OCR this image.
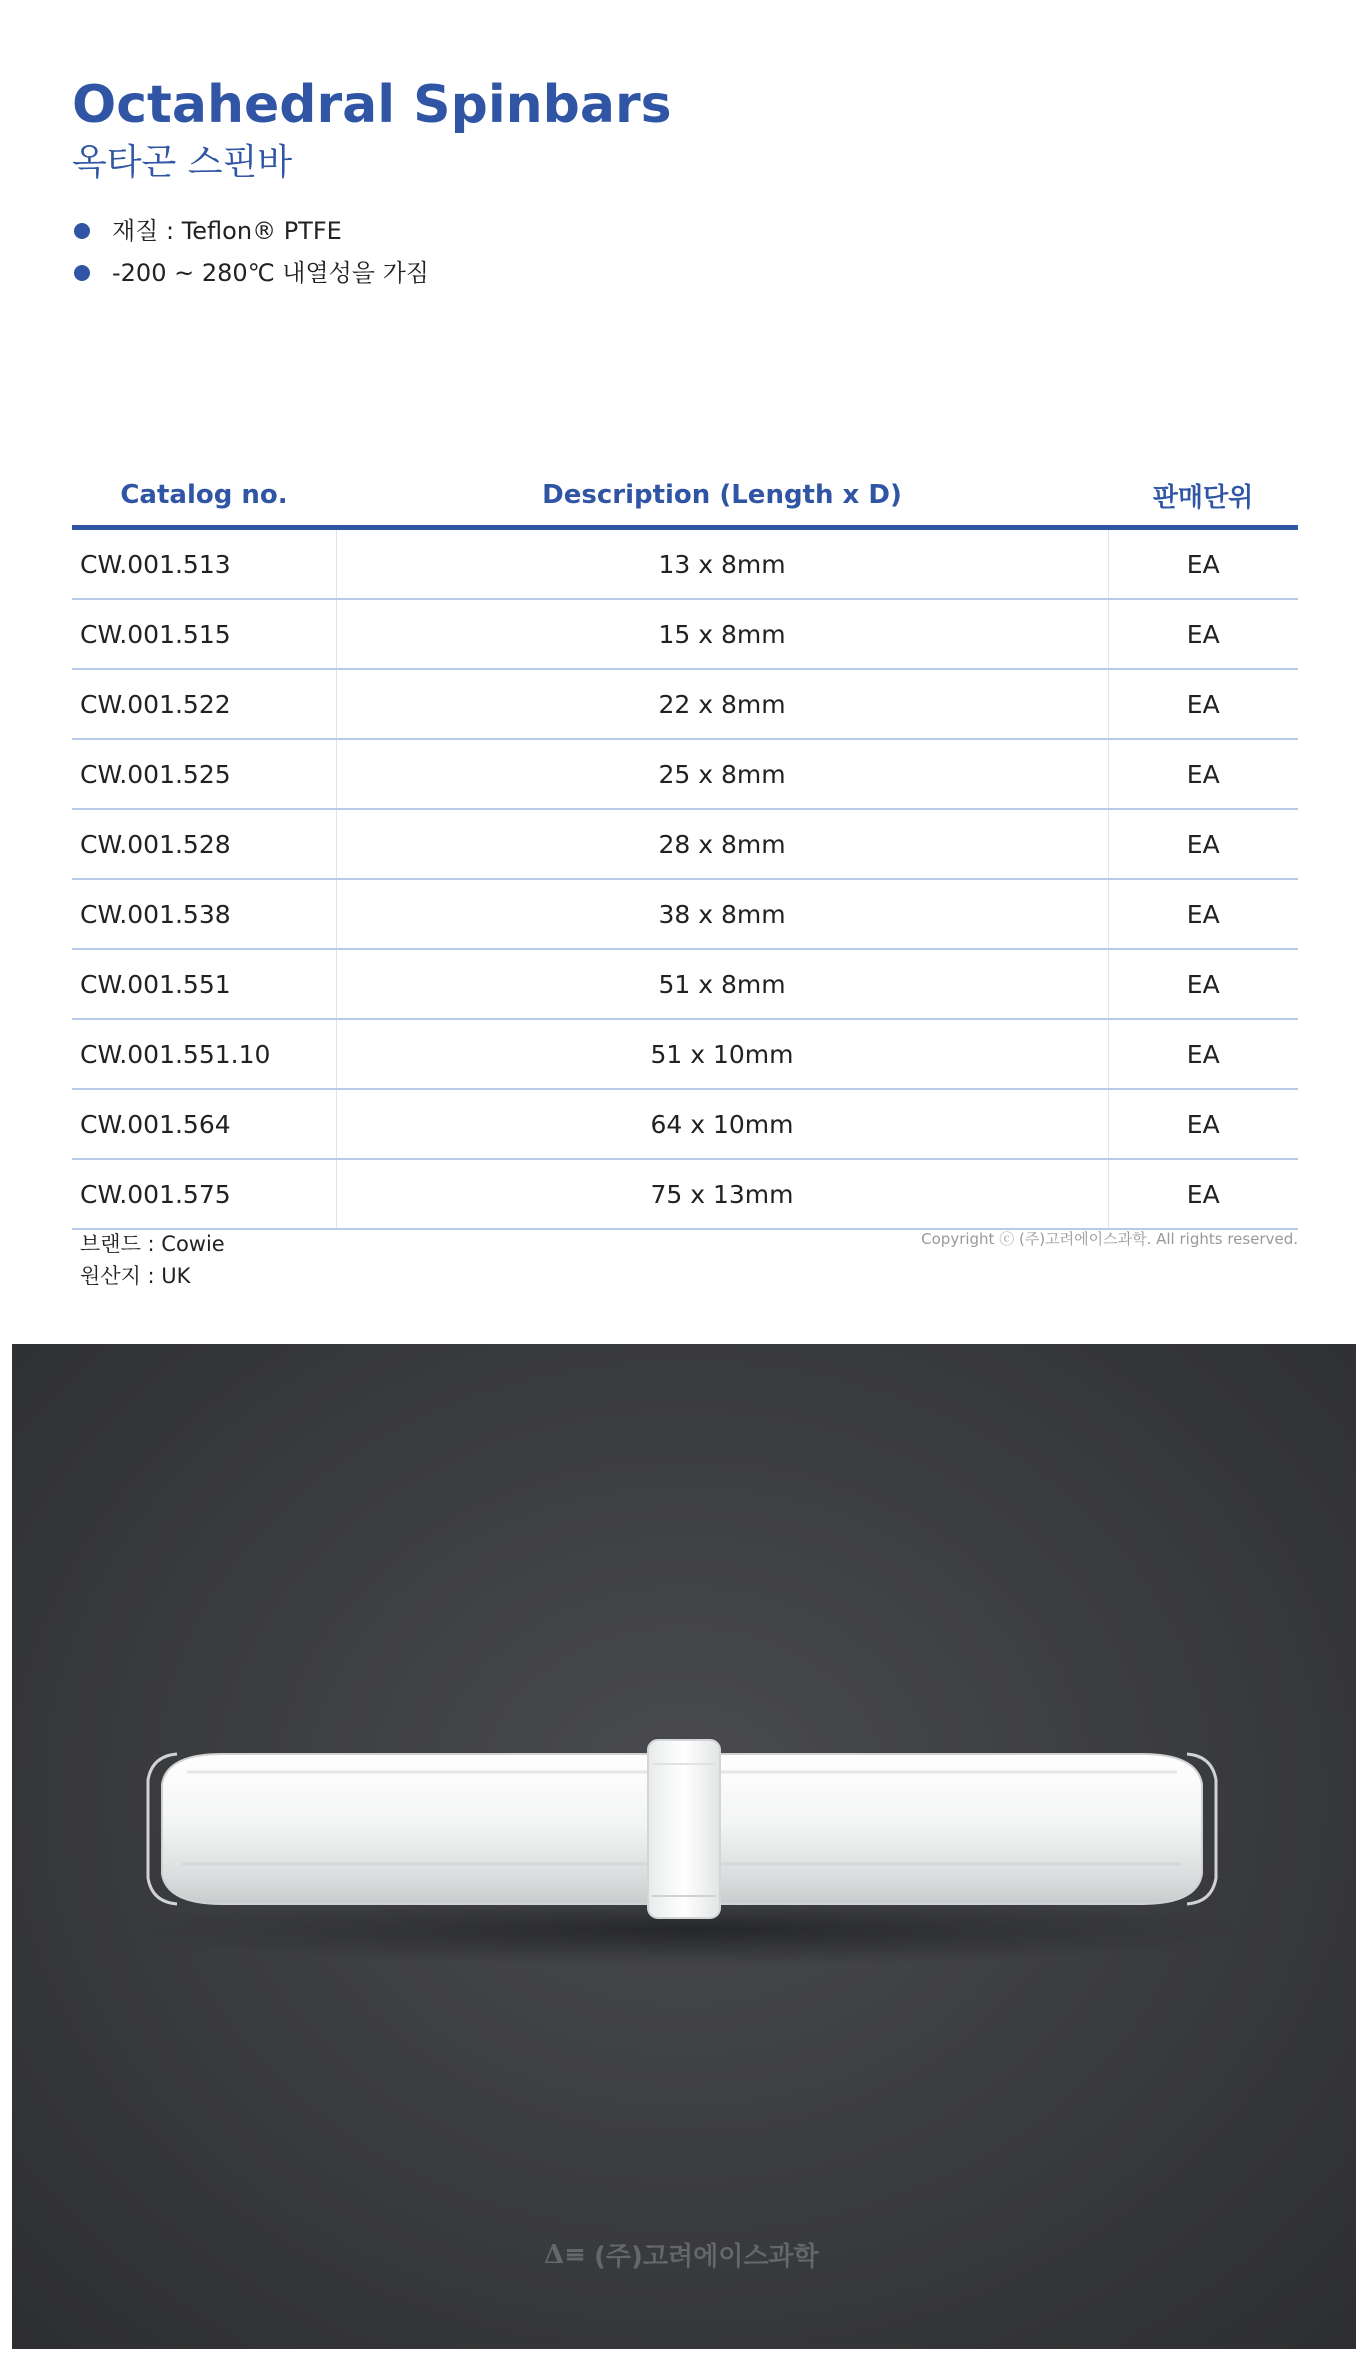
Octahedral Spinbars
옥타곤 스핀바
재질 : Teflon® PTFE
-200 ~ 280℃ 내열성을 가짐
Catalog no.	Description (Length x D)	판매단위
CW.001.513	13 x 8mm	EA
CW.001.515	15 x 8mm	EA
CW.001.522	22 x 8mm	EA
CW.001.525	25 x 8mm	EA
CW.001.528	28 x 8mm	EA
CW.001.538	38 x 8mm	EA
CW.001.551	51 x 8mm	EA
CW.001.551.10	51 x 10mm	EA
CW.001.564	64 x 10mm	EA
CW.001.575	75 x 13mm	EA
브랜드 : Cowie
원산지 : UK
Copyright ⓒ (주)고려에이스과학. All rights reserved.
Δ≡ (주)고려에이스과학
